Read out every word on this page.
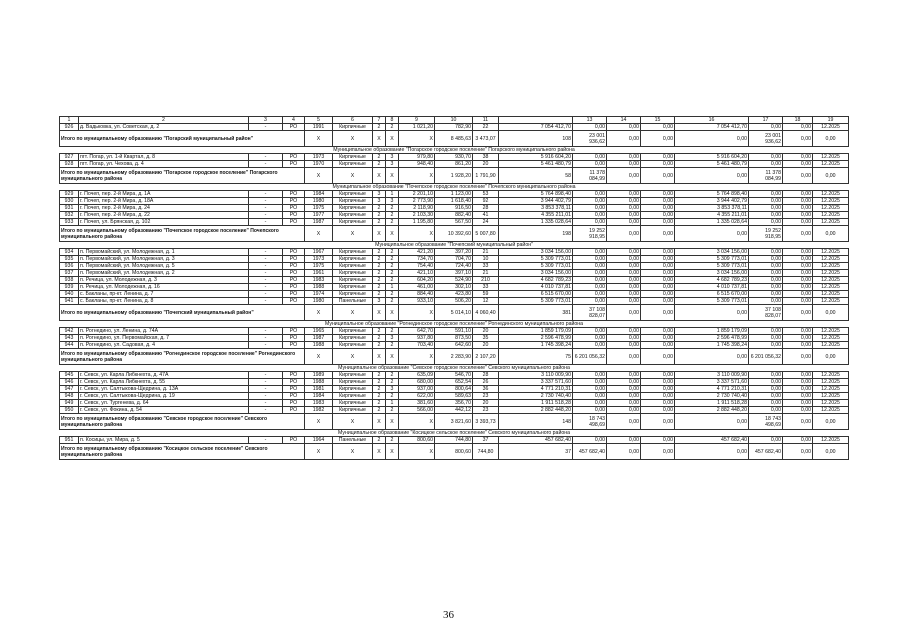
1	2	3	4	5	6	7	8	9	10	11		13	14	15	16	17	18	19	
926	д. Вадьковка, ул. Советская, д. 2	-	РО	1991	Кирпичные	2	2	1 021,20	782,90	22	7 054 412,70	0,00	0,00	0,00	7 054 412,70	0,00	0,00	12.2025	
Итого по муниципальному образованию "Погарский муниципальный район"				X	X	X	X	X	8 485,63	3 473,07	108	23 001 936,62	0,00	0,00	0,00	23 001 936,62	0,00	0,00	
Муниципальное образование "Погарское городское поселение" Погарского муниципального района																			
927	пгт. Погар, ул. 1-й Квартал, д. 8	-	РО	1973	Кирпичные	2	3	979,80	930,70	38	5 916 604,20	0,00	0,00	0,00	5 916 604,20	0,00	0,00	12.2025	
928	пгт. Погар, ул. Чехова, д. 4	-	РО	1970	Кирпичные	2	3	948,40	861,20	20	5 461 480,79	0,00	0,00	0,00	5 461 480,79	0,00	0,00	12.2025	
Итого по муниципальному образованию "Погарское городское поселение" Погарского муниципального района				X	X	X	X	X	1 928,20	1 791,90	58	11 378 084,99	0,00	0,00	0,00	11 378 084,99	0,00	0,00	
Муниципальное образование "Почепское городское поселение" Почепского муниципального района																			
929	г. Почеп, пер. 2-й Мира, д. 1А	-	РО	1984	Кирпичные	3	1	2 201,10	1 123,00	53	5 764 898,40	0,00	0,00	0,00	5 764 898,40	0,00	0,00	12.2025	
930	г. Почеп, пер. 2-й Мира, д. 18А	-	РО	1980	Кирпичные	3	3	2 773,90	1 618,40	92	3 944 402,79	0,00	0,00	0,00	3 944 402,79	0,00	0,00	12.2025	
931	г. Почеп, пер. 2-й Мира, д. 24	-	РО	1975	Кирпичные	2	2	2 118,90	916,50	28	3 853 378,11	0,00	0,00	0,00	3 853 378,11	0,00	0,00	12.2025	
932	г. Почеп, пер. 2-й Мира, д. 22	-	РО	1977	Кирпичные	2	2	2 103,30	882,40	41	4 355 211,01	0,00	0,00	0,00	4 355 211,01	0,00	0,00	12.2025	
933	г. Почеп, ул. Брянская, д. 102	-	РО	1987	Кирпичные	2	2	1 195,80	567,50	24	1 335 028,64	0,00	0,00	0,00	1 335 028,64	0,00	0,00	12.2025	
Итого по муниципальному образованию "Почепское городское поселение" Почепского муниципального района				X	X	X	X	X	10 392,60	5 007,80	198	19 252 918,95	0,00	0,00	0,00	19 252 918,95	0,00	0,00	
Муниципальное образование "Почепский муниципальный район"																			
934	п. Первомайский, ул. Молодежная, д. 1	-	РО	1967	Кирпичные	2	2	421,20	397,20	21	3 034 156,00	0,00	0,00	0,00	3 034 156,00	0,00	0,00	12.2025	
935	п. Первомайский, ул. Молодежная, д. 3	-	РО	1973	Кирпичные	2	2	734,70	704,70	10	5 309 773,01	0,00	0,00	0,00	5 309 773,01	0,00	0,00	12.2025	
936	п. Первомайский, ул. Молодежная, д. 5	-	РО	1975	Кирпичные	2	2	754,40	724,40	33	5 309 773,01	0,00	0,00	0,00	5 309 773,01	0,00	0,00	12.2025	
937	п. Первомайский, ул. Молодежная, д. 2	-	РО	1961	Кирпичные	2	2	421,10	397,10	21	3 034 156,00	0,00	0,00	0,00	3 034 156,00	0,00	0,00	12.2025	
938	п. Речица, ул. Молодежная, д. 3	-	РО	1983	Кирпичные	2	2	604,20	524,90	210	4 682 789,23	0,00	0,00	0,00	4 682 789,23	0,00	0,00	12.2025	
939	п. Речица, ул. Молодежная, д. 16	-	РО	1988	Кирпичные	2	1	461,00	302,10	33	4 010 737,81	0,00	0,00	0,00	4 010 737,81	0,00	0,00	12.2025	
940	с. Бакланы, пр-кт. Ленина, д. 7	-	РО	1974	Кирпичные	2	2	884,40	423,80	59	6 515 670,00	0,00	0,00	0,00	6 515 670,00	0,00	0,00	12.2025	
941	с. Бакланы, пр-кт. Ленина, д. 8	-	РО	1980	Панельные	3	2	933,10	506,20	12	5 309 773,01	0,00	0,00	0,00	5 309 773,01	0,00	0,00	12.2025	
Итого по муниципальному образованию "Почепский муниципальный район"				X	X	X	X	X	5 014,10	4 060,40	381	37 108 828,07	0,00	0,00	0,00	37 108 828,07	0,00	0,00	
Муниципальное образование "Рогнединское городское поселение" Рогнединского муниципального района																			
942	п. Рогнедино, ул. Ленина, д. 74А	-	РО	1965	Кирпичные	2	2	642,70	591,10	20	1 859 179,09	0,00	0,00	0,00	1 859 179,09	0,00	0,00	12.2025	
943	п. Рогнедино, ул. Первомайская, д. 7	-	РО	1987	Кирпичные	2	3	937,80	873,50	35	2 596 478,99	0,00	0,00	0,00	2 596 478,99	0,00	0,00	12.2025	
944	п. Рогнедино, ул. Садовая, д. 4	-	РО	1988	Кирпичные	2	2	703,40	642,60	20	1 745 398,24	0,00	0,00	0,00	1 745 398,24	0,00	0,00	12.2025	
Итого по муниципальному образованию "Рогнединское городское поселение" Рогнединского муниципального района				X	X	X	X	X	2 283,90	2 107,20	75	6 201 056,32	0,00	0,00	0,00	6 201 056,32	0,00	0,00	
Муниципальное образование "Севское городское поселение" Севского муниципального района																			
945	г. Севск, ул. Карла Либкнехта, д. 47А	-	РО	1989	Кирпичные	2	2	635,09	546,70	28	3 110 009,90	0,00	0,00	0,00	3 110 009,90	0,00	0,00	12.2025	
946	г. Севск, ул. Карла Либкнехта, д. 55	-	РО	1988	Кирпичные	2	2	680,00	652,54	26	3 337 571,60	0,00	0,00	0,00	3 337 571,60	0,00	0,00	12.2025	
947	г. Севск, ул. Салтыкова-Щедрина, д. 13А	-	РО	1981	Кирпичные	2	3	937,00	800,64	36	4 771 210,31	0,00	0,00	0,00	4 771 210,31	0,00	0,00	12.2025	
948	г. Севск, ул. Салтыкова-Щедрина, д. 19	-	РО	1984	Кирпичные	2	2	622,00	589,63	23	2 730 740,40	0,00	0,00	0,00	2 730 740,40	0,00	0,00	12.2025	
949	г. Севск, ул. Тургенева, д. 64	-	РО	1983	Кирпичные	2	1	381,60	356,70	20	1 911 518,28	0,00	0,00	0,00	1 911 518,28	0,00	0,00	12.2025	
950	г. Севск, ул. Фокина, д. 54	-	РО	1982	Кирпичные	2	2	566,00	442,12	23	2 882 448,20	0,00	0,00	0,00	2 882 448,20	0,00	0,00	12.2025	
Итого по муниципальному образованию "Севское городское поселение" Севского муниципального района				X	X	X	X	X	3 821,60	3 393,73	148	18 743 498,69	0,00	0,00	0,00	18 743 498,69	0,00	0,00	
Муниципальное образование "Косицкое сельское поселение" Севского муниципального района																			
951	п. Косицы, ул. Мира, д. 5	-	РО	1964	Панельные	2	2	800,60	744,80	37	457 682,40	0,00	0,00	0,00	457 682,40	0,00	0,00	12.2025	
Итого по муниципальному образованию "Косицкое сельское поселение" Севского муниципального района				X	X	X	X	X	800,60	744,80	37	457 682,40	0,00	0,00	0,00	457 682,40	0,00	0,00	
36
